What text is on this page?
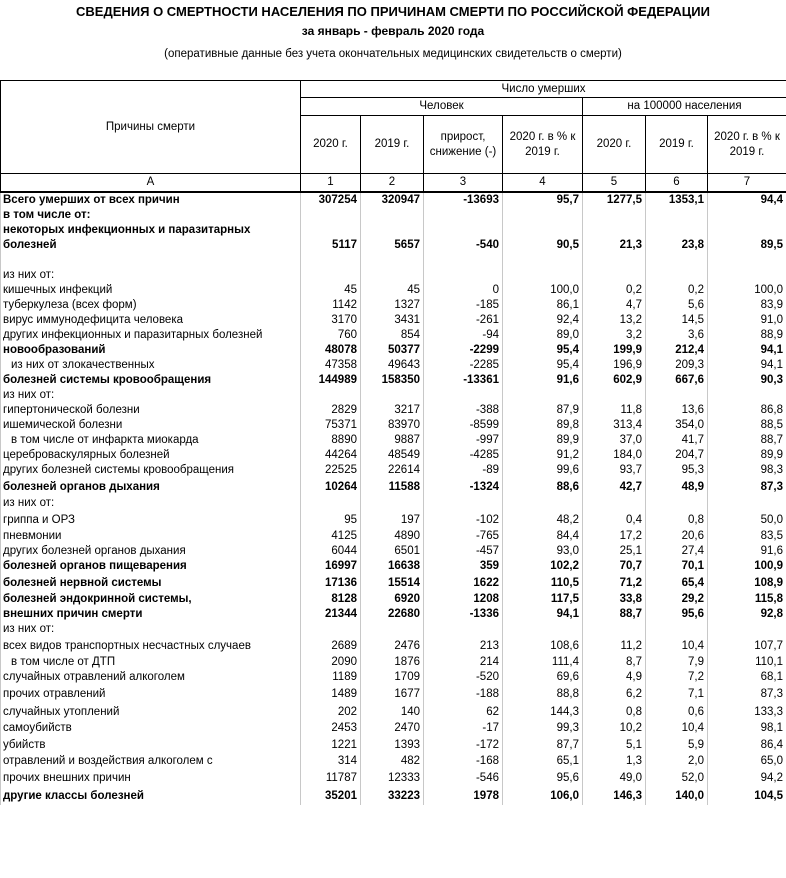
СВЕДЕНИЯ О СМЕРТНОСТИ НАСЕЛЕНИЯ ПО ПРИЧИНАМ СМЕРТИ ПО РОССИЙСКОЙ ФЕДЕРАЦИИ
за январь - февраль 2020 года
(оперативные данные без учета окончательных медицинских свидетельств о смерти)

Причины смерти	Число умерших						
	Человек				на 100000 населения		
	2020 г.	2019 г.	прирост, снижение (-)	2020 г. в % к 2019 г.	2020 г.	2019 г.	2020 г. в % к 2019 г.
А	1	2	3	4	5	6	7
Всего умерших от всех причин	307254	320947	-13693	95,7	1277,5	1353,1	94,4
в том числе от:							
некоторых инфекционных и паразитарных							
болезней	5117	5657	-540	90,5	21,3	23,8	89,5

из них от:							
кишечных инфекций	45	45	0	100,0	0,2	0,2	100,0
туберкулеза (всех форм)	1142	1327	-185	86,1	4,7	5,6	83,9
вирус иммунодефицита человека	3170	3431	-261	92,4	13,2	14,5	91,0
других инфекционных и паразитарных болезней	760	854	-94	89,0	3,2	3,6	88,9
новообразований	48078	50377	-2299	95,4	199,9	212,4	94,1
из них от злокачественных	47358	49643	-2285	95,4	196,9	209,3	94,1
болезней системы кровообращения	144989	158350	-13361	91,6	602,9	667,6	90,3
из них от:							
гипертонической болезни	2829	3217	-388	87,9	11,8	13,6	86,8
ишемической болезни	75371	83970	-8599	89,8	313,4	354,0	88,5
в том числе от инфаркта миокарда	8890	9887	-997	89,9	37,0	41,7	88,7
цереброваскулярных болезней	44264	48549	-4285	91,2	184,0	204,7	89,9
других болезней системы кровообращения	22525	22614	-89	99,6	93,7	95,3	98,3
болезней органов дыхания	10264	11588	-1324	88,6	42,7	48,9	87,3
из них от:							
гриппа и ОРЗ	95	197	-102	48,2	0,4	0,8	50,0
пневмонии	4125	4890	-765	84,4	17,2	20,6	83,5
других болезней органов дыхания	6044	6501	-457	93,0	25,1	27,4	91,6
болезней органов пищеварения	16997	16638	359	102,2	70,7	70,1	100,9
болезней нервной системы	17136	15514	1622	110,5	71,2	65,4	108,9
болезней эндокринной системы,	8128	6920	1208	117,5	33,8	29,2	115,8
внешних причин смерти	21344	22680	-1336	94,1	88,7	95,6	92,8
из них от:							
всех видов транспортных несчастных случаев	2689	2476	213	108,6	11,2	10,4	107,7
в том числе от ДТП	2090	1876	214	111,4	8,7	7,9	110,1
случайных отравлений алкоголем	1189	1709	-520	69,6	4,9	7,2	68,1
прочих отравлений	1489	1677	-188	88,8	6,2	7,1	87,3
случайных утоплений	202	140	62	144,3	0,8	0,6	133,3
самоубийств	2453	2470	-17	99,3	10,2	10,4	98,1
убийств	1221	1393	-172	87,7	5,1	5,9	86,4
отравлений и воздействия алкоголем с	314	482	-168	65,1	1,3	2,0	65,0
прочих внешних причин	11787	12333	-546	95,6	49,0	52,0	94,2
другие классы болезней	35201	33223	1978	106,0	146,3	140,0	104,5
